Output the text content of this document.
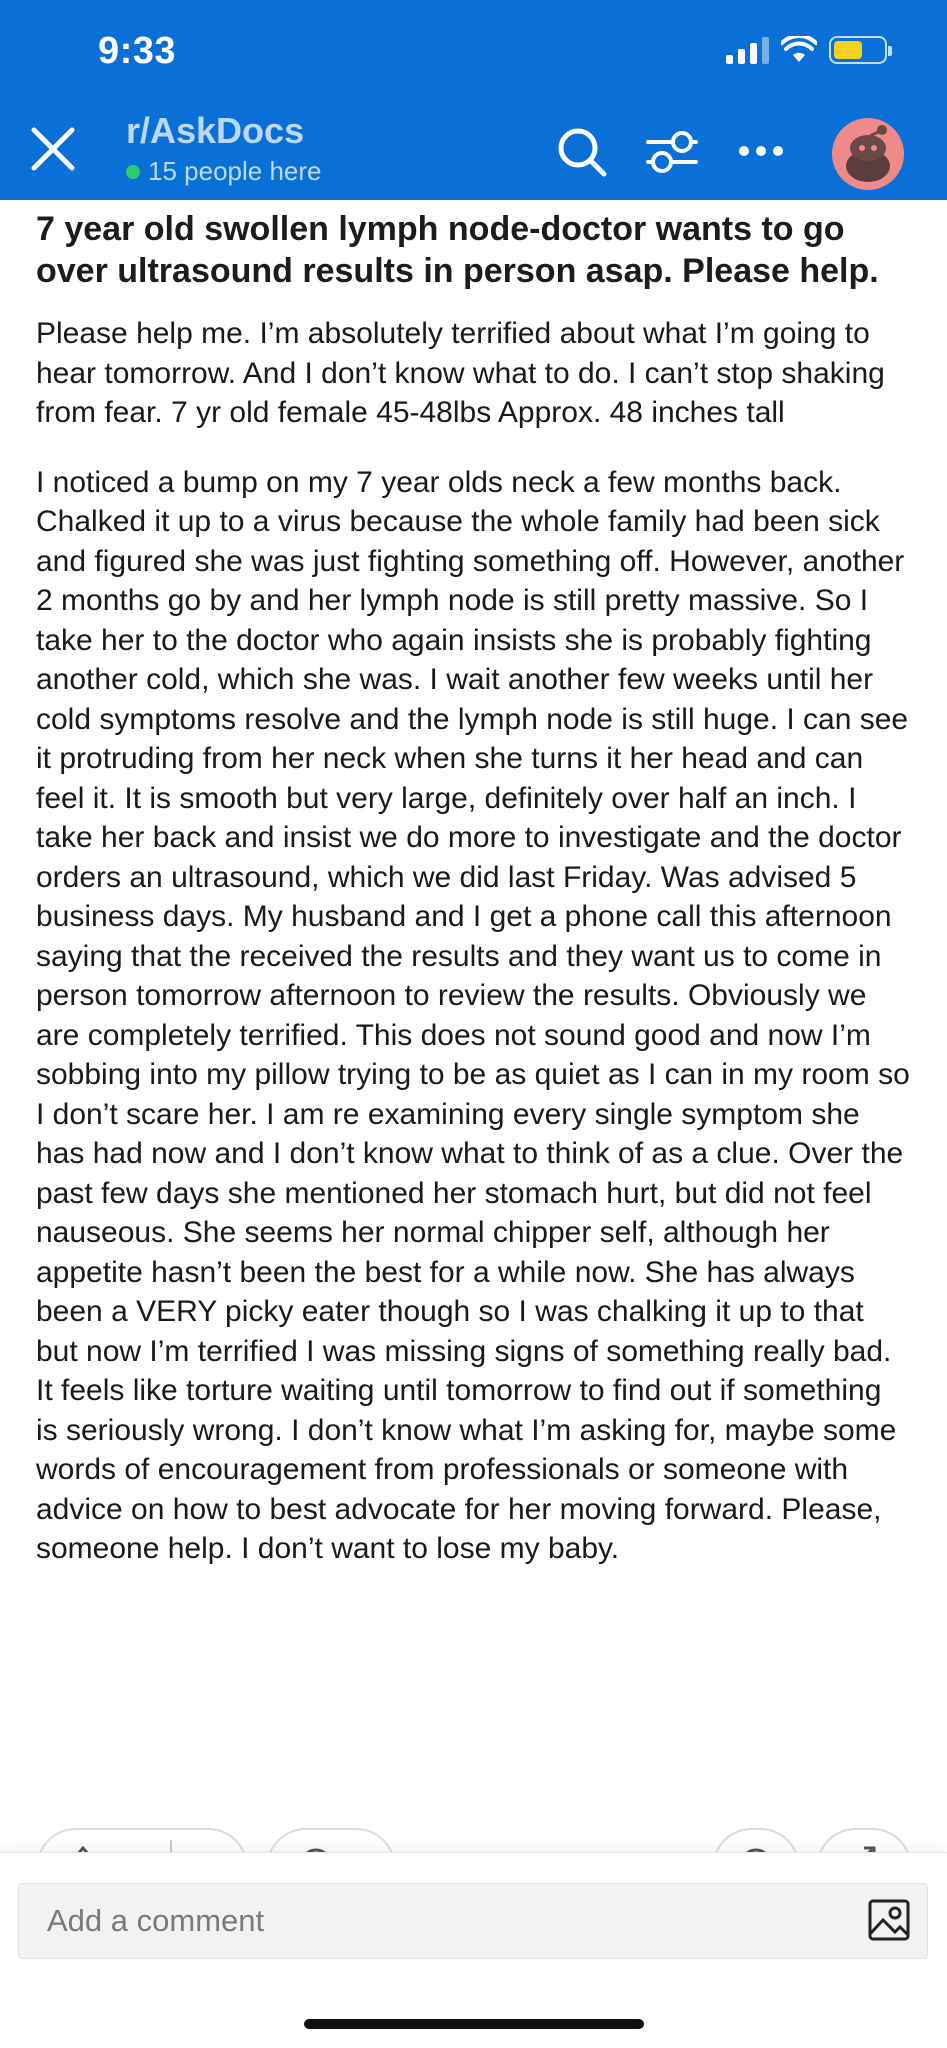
9:33
r/AskDocs
15 people here
7 year old swollen lymph node-doctor wants to go over ultrasound results in person asap. Please help.

Please help me. I’m absolutely terrified about what I’m going to hear tomorrow. And I don’t know what to do. I can’t stop shaking from fear. 7 yr old female 45-48lbs Approx. 48 inches tall

I noticed a bump on my 7 year olds neck a few months back. Chalked it up to a virus because the whole family had been sick and figured she was just fighting something off. However, another 2 months go by and her lymph node is still pretty massive. So I take her to the doctor who again insists she is probably fighting another cold, which she was. I wait another few weeks until her cold symptoms resolve and the lymph node is still huge. I can see it protruding from her neck when she turns it her head and can feel it. It is smooth but very large, definitely over half an inch. I take her back and insist we do more to investigate and the doctor orders an ultrasound, which we did last Friday. Was advised 5 business days. My husband and I get a phone call this afternoon saying that the received the results and they want us to come in person tomorrow afternoon to review the results. Obviously we are completely terrified. This does not sound good and now I’m sobbing into my pillow trying to be as quiet as I can in my room so I don’t scare her. I am re examining every single symptom she has had now and I don’t know what to think of as a clue. Over the past few days she mentioned her stomach hurt, but did not feel nauseous. She seems her normal chipper self, although her appetite hasn’t been the best for a while now. She has always been a VERY picky eater though so I was chalking it up to that but now I’m terrified I was missing signs of something really bad. It feels like torture waiting until tomorrow to find out if something is seriously wrong. I don’t know what I’m asking for, maybe some words of encouragement from professionals or someone with advice on how to best advocate for her moving forward. Please, someone help. I don’t want to lose my baby.

Add a comment
